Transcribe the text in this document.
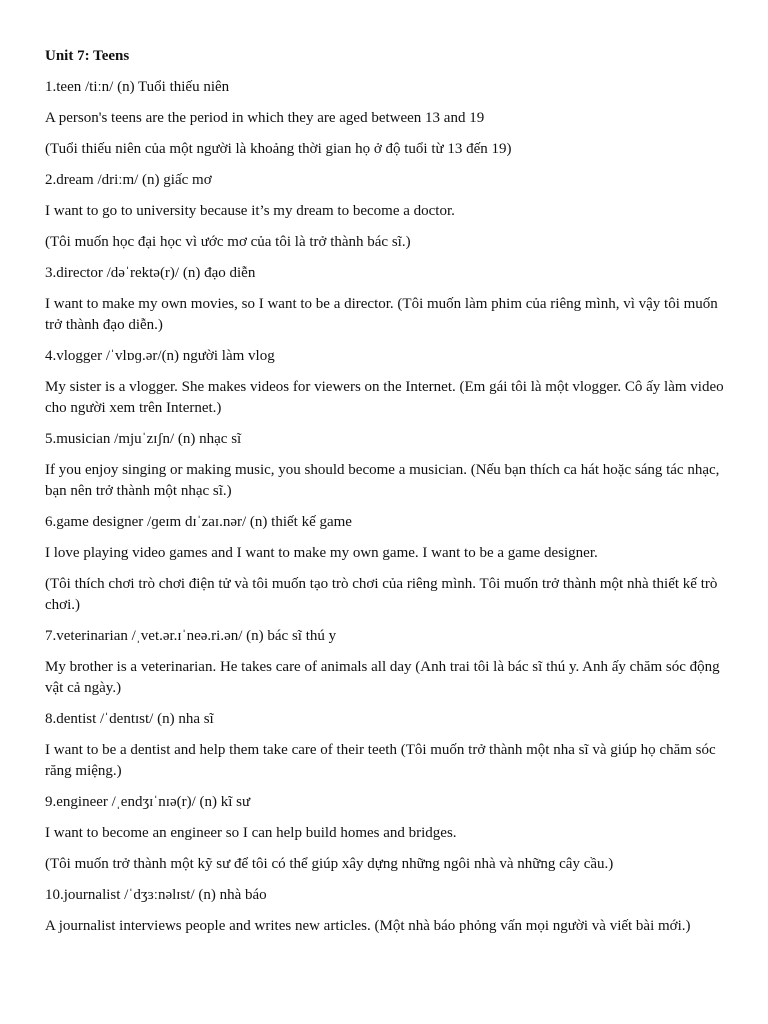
Unit 7: Teens
1.teen /tiːn/ (n) Tuổi thiếu niên
A person's teens are the period in which they are aged between 13 and 19
(Tuổi thiếu niên của một người là khoảng thời gian họ ở độ tuổi từ 13 đến 19)
2.dream /driːm/ (n) giấc mơ
I want to go to university because it’s my dream to become a doctor.
(Tôi muốn học đại học vì ước mơ của tôi là trở thành bác sĩ.)
3.director /dəˈrektə(r)/ (n) đạo diễn
I want to make my own movies, so I want to be a director. (Tôi muốn làm phim của riêng mình, vì vậy tôi muốn trở thành đạo diễn.)
4.vlogger /ˈvlɒɡ.ər/(n) người làm vlog
My sister is a vlogger. She makes videos for viewers on the Internet. (Em gái tôi là một vlogger. Cô ấy làm video cho người xem trên Internet.)
5.musician /mjuˈzɪʃn/ (n) nhạc sĩ
If you enjoy singing or making music, you should become a musician. (Nếu bạn thích ca hát hoặc sáng tác nhạc, bạn nên trở thành một nhạc sĩ.)
6.game designer /ɡeɪm dɪˈzaɪ.nər/ (n) thiết kế game
I love playing video games and I want to make my own game. I want to be a game designer.
(Tôi thích chơi trò chơi điện tử và tôi muốn tạo trò chơi của riêng mình. Tôi muốn trở thành một nhà thiết kế trò chơi.)
7.veterinarian /ˌvet.ər.ɪˈneə.ri.ən/ (n) bác sĩ thú y
My brother is a veterinarian. He takes care of animals all day (Anh trai tôi là bác sĩ thú y. Anh ấy chăm sóc động vật cả ngày.)
8.dentist /ˈdentɪst/ (n) nha sĩ
I want to be a dentist and help them take care of their teeth (Tôi muốn trở thành một nha sĩ và giúp họ chăm sóc răng miệng.)
9.engineer /ˌendʒɪˈnɪə(r)/ (n) kĩ sư
I want to become an engineer so I can help build homes and bridges.
(Tôi muốn trở thành một kỹ sư để tôi có thể giúp xây dựng những ngôi nhà và những cây cầu.)
10.journalist /ˈdʒɜːnəlɪst/ (n) nhà báo
A journalist interviews people and writes new articles. (Một nhà báo phỏng vấn mọi người và viết bài mới.)
